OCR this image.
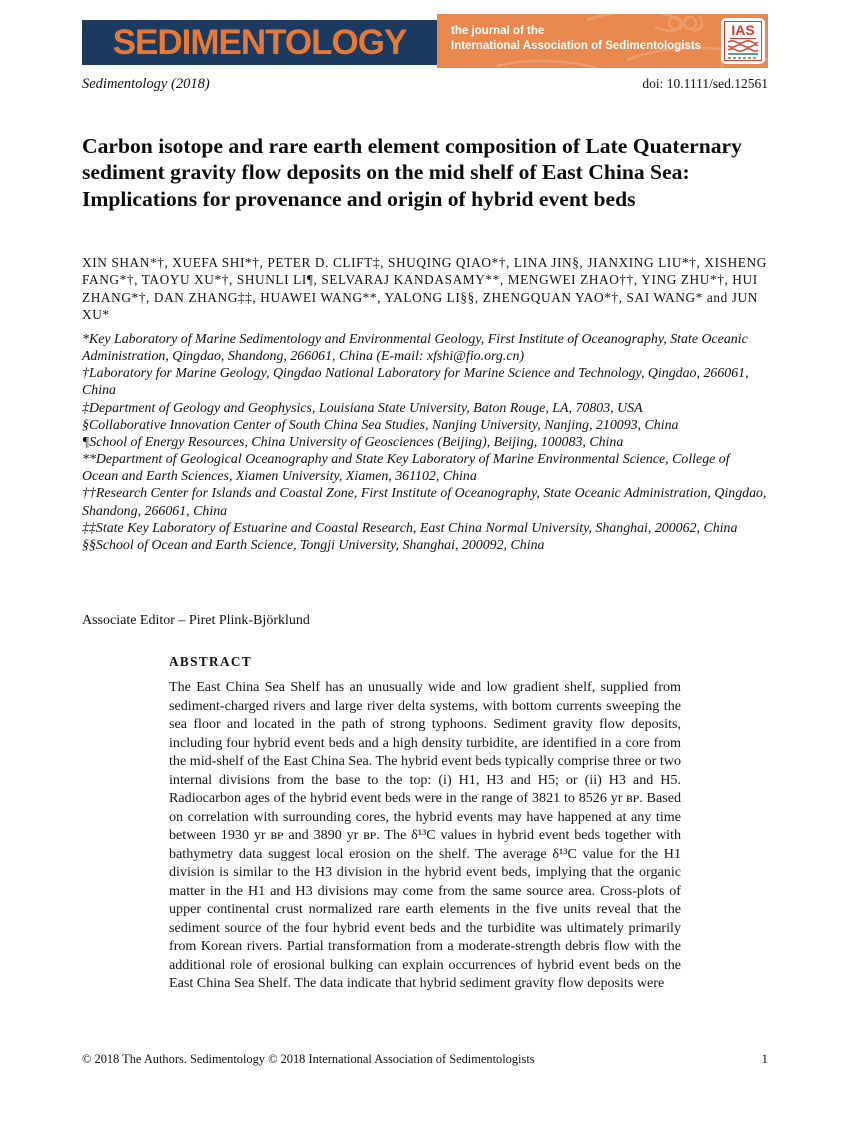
the journal of the
International Association of Sedimentologists
IAS
SEDIMENTOLOGY
Sedimentology (2018)	doi: 10.1111/sed.12561
Carbon isotope and rare earth element composition of Late Quaternary sediment gravity flow deposits on the mid shelf of East China Sea: Implications for provenance and origin of hybrid event beds
XIN SHAN*†, XUEFA SHI*†, PETER D. CLIFT‡, SHUQING QIAO*†, LINA JIN§, JIANXING LIU*†, XISHENG FANG*†, TAOYU XU*†, SHUNLI LI¶, SELVARAJ KANDASAMY**, MENGWEI ZHAO††, YING ZHU*†, HUI ZHANG*†, DAN ZHANG‡‡, HUAWEI WANG**, YALONG LI§§, ZHENGQUAN YAO*†, SAI WANG* and JUN XU*

*Key Laboratory of Marine Sedimentology and Environmental Geology, First Institute of Oceanography, State Oceanic Administration, Qingdao, Shandong, 266061, China (E-mail: xfshi@fio.org.cn)

†Laboratory for Marine Geology, Qingdao National Laboratory for Marine Science and Technology, Qingdao, 266061, China

‡Department of Geology and Geophysics, Louisiana State University, Baton Rouge, LA, 70803, USA

§Collaborative Innovation Center of South China Sea Studies, Nanjing University, Nanjing, 210093, China

¶School of Energy Resources, China University of Geosciences (Beijing), Beijing, 100083, China

**Department of Geological Oceanography and State Key Laboratory of Marine Environmental Science, College of Ocean and Earth Sciences, Xiamen University, Xiamen, 361102, China

††Research Center for Islands and Coastal Zone, First Institute of Oceanography, State Oceanic Administration, Qingdao, Shandong, 266061, China

‡‡State Key Laboratory of Estuarine and Coastal Research, East China Normal University, Shanghai, 200062, China

§§School of Ocean and Earth Science, Tongji University, Shanghai, 200092, China

Associate Editor – Piret Plink-Björklund
ABSTRACT
The East China Sea Shelf has an unusually wide and low gradient shelf, supplied from sediment-charged rivers and large river delta systems, with bottom currents sweeping the sea floor and located in the path of strong typhoons. Sediment gravity flow deposits, including four hybrid event beds and a high density turbidite, are identified in a core from the mid-shelf of the East China Sea. The hybrid event beds typically comprise three or two internal divisions from the base to the top: (i) H1, H3 and H5; or (ii) H3 and H5. Radiocarbon ages of the hybrid event beds were in the range of 3821 to 8526 yr ʙᴘ. Based on correlation with surrounding cores, the hybrid events may have happened at any time between 1930 yr ʙᴘ and 3890 yr ʙᴘ. The δ¹³C values in hybrid event beds together with bathymetry data suggest local erosion on the shelf. The average δ¹³C value for the H1 division is similar to the H3 division in the hybrid event beds, implying that the organic matter in the H1 and H3 divisions may come from the same source area. Cross-plots of upper continental crust normalized rare earth elements in the five units reveal that the sediment source of the four hybrid event beds and the turbidite was ultimately primarily from Korean rivers. Partial transformation from a moderate-strength debris flow with the additional role of erosional bulking can explain occurrences of hybrid event beds on the East China Sea Shelf. The data indicate that hybrid sediment gravity flow deposits were
© 2018 The Authors. Sedimentology © 2018 International Association of Sedimentologists	1
